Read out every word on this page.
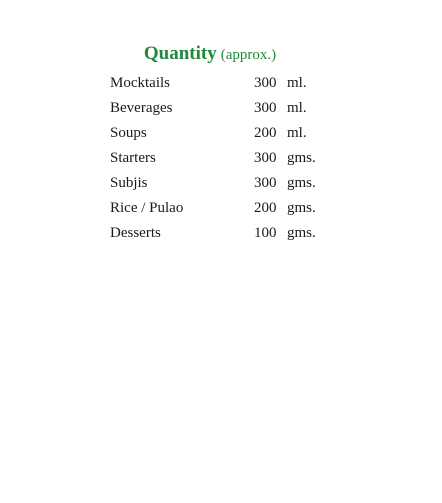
Quantity (approx.)
Mocktails	300 ml.
Beverages	300 ml.
Soups	200 ml.
Starters	300 gms.
Subjis	300 gms.
Rice / Pulao	200 gms.
Desserts	100 gms.
